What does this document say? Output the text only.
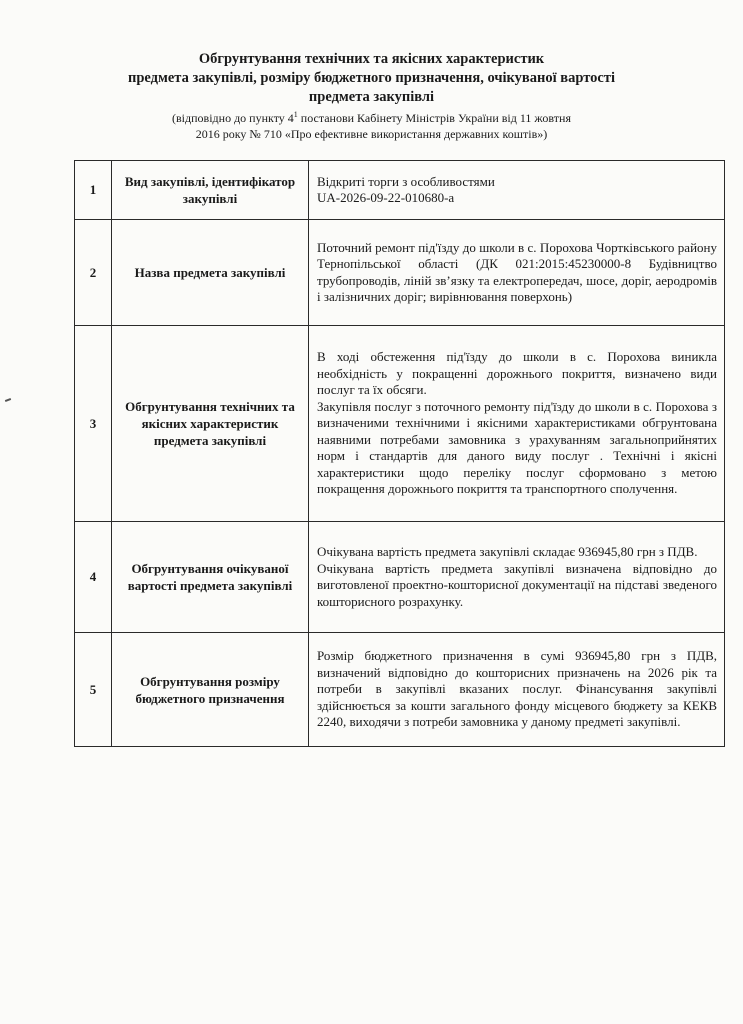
Обгрунтування технічних та якісних характеристик
предмета закупівлі, розміру бюджетного призначення, очікуваної вартості
предмета закупівлі
(відповідно до пункту $4^1$ постанови Кабінету Міністрів України від 11 жовтня
2016 року № 710 «Про ефективне використання державних коштів»)
1	Вид закупівлі, ідентифікатор закупівлі	Відкриті торги з особливостями
UA-2026-09-22-010680-a

2	Назва предмета закупівлі	Поточний ремонт під'їзду до школи в с. Порохова Чортківського району Тернопільської області (ДК 021:2015:45230000-8 Будівництво трубопроводів, ліній зв’язку та електропередач, шосе, доріг, аеродромів і залізничних доріг; вирівнювання поверхонь)

3	Обгрунтування технічних та якісних характеристик предмета закупівлі	В ході обстеження під'їзду до школи в с. Порохова виникла необхідність у покращенні дорожнього покриття, визначено види послуг та їх обсяги.
Закупівля послуг з поточного ремонту під'їзду до школи в с. Порохова з визначеними технічними і якісними характеристиками обгрунтована наявними потребами замовника з урахуванням загальноприйнятих норм і стандартів для даного виду послуг . Технічні і якісні характеристики щодо переліку послуг сформовано з метою покращення дорожнього покриття та транспортного сполучення.

4	Обгрунтування очікуваної вартості предмета закупівлі	Очікувана вартість предмета закупівлі складає 936945,80 грн з ПДВ.
Очікувана вартість предмета закупівлі визначена відповідно до виготовленої проектно-кошторисної документації на підставі зведеного кошторисного розрахунку.

5	Обгрунтування розміру бюджетного призначення	Розмір бюджетного призначення в сумі 936945,80 грн з ПДВ, визначений відповідно до кошторисних призначень на 2026 рік та потреби в закупівлі вказаних послуг. Фінансування закупівлі здійснюється за кошти загального фонду місцевого бюджету за КЕКВ 2240, виходячи з потреби замовника у даному предметі закупівлі.
